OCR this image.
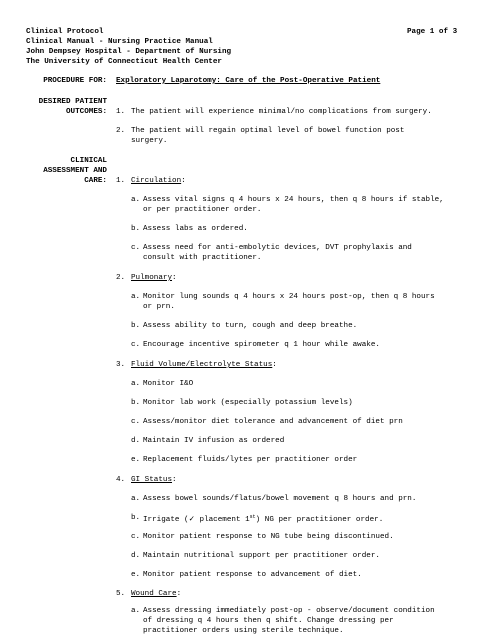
Clinical Protocol	Page 1 of 3
Clinical Manual - Nursing Practice Manual
John Dempsey Hospital - Department of Nursing
The University of Connecticut Health Center
PROCEDURE FOR: Exploratory Laparotomy: Care of the Post-Operative Patient
DESIRED PATIENT
OUTCOMES: 1. The patient will experience minimal/no complications from surgery.
2. The patient will regain optimal level of bowel function post
surgery.
CLINICAL
ASSESSMENT AND
CARE: 1. Circulation:
a. Assess vital signs q 4 hours x 24 hours, then q 8 hours if stable,
or per practitioner order.
b. Assess labs as ordered.
c. Assess need for anti-embolytic devices, DVT prophylaxis and
consult with practitioner.
2. Pulmonary:
a. Monitor lung sounds q 4 hours x 24 hours post-op, then q 8 hours
or prn.
b. Assess ability to turn, cough and deep breathe.
c. Encourage incentive spirometer q 1 hour while awake.
3. Fluid Volume/Electrolyte Status:
a. Monitor I&O
b. Monitor lab work (especially potassium levels)
c. Assess/monitor diet tolerance and advancement of diet prn
d. Maintain IV infusion as ordered
e. Replacement fluids/lytes per practitioner order
4. GI Status:
a. Assess bowel sounds/flatus/bowel movement q 8 hours and prn.
b. Irrigate (✓ placement 1st) NG per practitioner order.
c. Monitor patient response to NG tube being discontinued.
d. Maintain nutritional support per practitioner order.
e. Monitor patient response to advancement of diet.
5. Wound Care:
a. Assess dressing immediately post-op - observe/document condition
of dressing q 4 hours then q shift. Change dressing per
practitioner orders using sterile technique.
